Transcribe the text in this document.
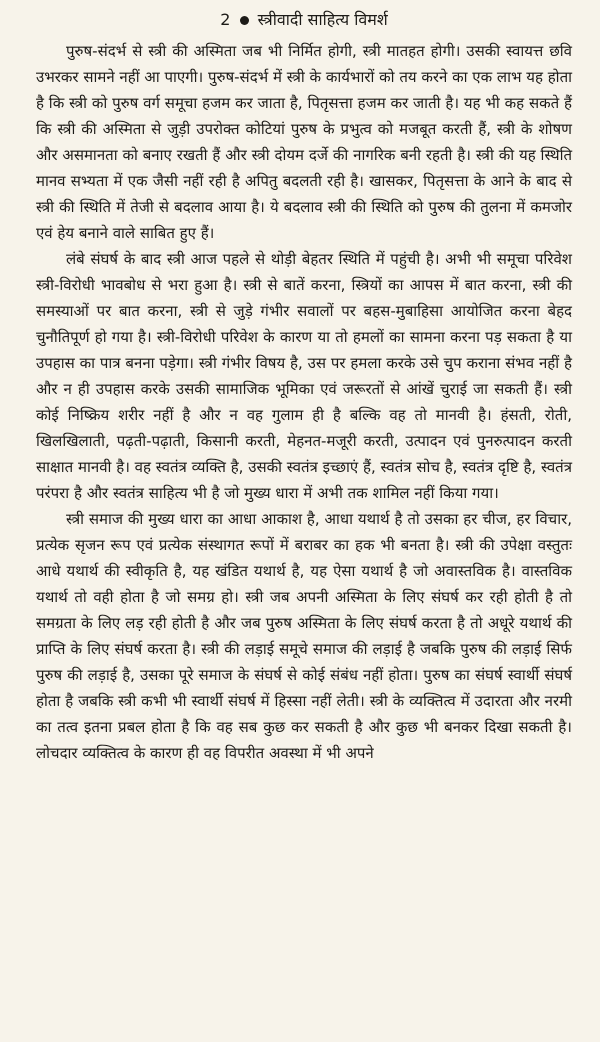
2 स्त्रीवादी साहित्य विमर्श

पुरुष-संदर्भ से स्त्री की अस्मिता जब भी निर्मित होगी, स्त्री मातहत होगी। उसकी स्वायत्त छवि उभरकर सामने नहीं आ पाएगी। पुरुष-संदर्भ में स्त्री के कार्यभारों को तय करने का एक लाभ यह होता है कि स्त्री को पुरुष वर्ग समूचा हजम कर जाता है, पितृसत्ता हजम कर जाती है। यह भी कह सकते हैं कि स्त्री की अस्मिता से जुड़ी उपरोक्त कोटियां पुरुष के प्रभुत्व को मजबूत करती हैं, स्त्री के शोषण और असमानता को बनाए रखती हैं और स्त्री दोयम दर्जे की नागरिक बनी रहती है। स्त्री की यह स्थिति मानव सभ्यता में एक जैसी नहीं रही है अपितु बदलती रही है। खासकर, पितृसत्ता के आने के बाद से स्त्री की स्थिति में तेजी से बदलाव आया है। ये बदलाव स्त्री की स्थिति को पुरुष की तुलना में कमजोर एवं हेय बनाने वाले साबित हुए हैं।

लंबे संघर्ष के बाद स्त्री आज पहले से थोड़ी बेहतर स्थिति में पहुंची है। अभी भी समूचा परिवेश स्त्री-विरोधी भावबोध से भरा हुआ है। स्त्री से बातें करना, स्त्रियों का आपस में बात करना, स्त्री की समस्याओं पर बात करना, स्त्री से जुड़े गंभीर सवालों पर बहस-मुबाहिसा आयोजित करना बेहद चुनौतिपूर्ण हो गया है। स्त्री-विरोधी परिवेश के कारण या तो हमलों का सामना करना पड़ सकता है या उपहास का पात्र बनना पड़ेगा। स्त्री गंभीर विषय है, उस पर हमला करके उसे चुप कराना संभव नहीं है और न ही उपहास करके उसकी सामाजिक भूमिका एवं जरूरतों से आंखें चुराई जा सकती हैं। स्त्री कोई निष्क्रिय शरीर नहीं है और न वह गुलाम ही है बल्कि वह तो मानवी है। हंसती, रोती, खिलखिलाती, पढ़ती-पढ़ाती, किसानी करती, मेहनत-मजूरी करती, उत्पादन एवं पुनरुत्पादन करती साक्षात मानवी है। वह स्वतंत्र व्यक्ति है, उसकी स्वतंत्र इच्छाएं हैं, स्वतंत्र सोच है, स्वतंत्र दृष्टि है, स्वतंत्र परंपरा है और स्वतंत्र साहित्य भी है जो मुख्य धारा में अभी तक शामिल नहीं किया गया।

स्त्री समाज की मुख्य धारा का आधा आकाश है, आधा यथार्थ है तो उसका हर चीज, हर विचार, प्रत्येक सृजन रूप एवं प्रत्येक संस्थागत रूपों में बराबर का हक भी बनता है। स्त्री की उपेक्षा वस्तुतः आधे यथार्थ की स्वीकृति है, यह खंडित यथार्थ है, यह ऐसा यथार्थ है जो अवास्तविक है। वास्तविक यथार्थ तो वही होता है जो समग्र हो। स्त्री जब अपनी अस्मिता के लिए संघर्ष कर रही होती है तो समग्रता के लिए लड़ रही होती है और जब पुरुष अस्मिता के लिए संघर्ष करता है तो अधूरे यथार्थ की प्राप्ति के लिए संघर्ष करता है। स्त्री की लड़ाई समूचे समाज की लड़ाई है जबकि पुरुष की लड़ाई सिर्फ पुरुष की लड़ाई है, उसका पूरे समाज के संघर्ष से कोई संबंध नहीं होता। पुरुष का संघर्ष स्वार्थी संघर्ष होता है जबकि स्त्री कभी भी स्वार्थी संघर्ष में हिस्सा नहीं लेती। स्त्री के व्यक्तित्व में उदारता और नरमी का तत्व इतना प्रबल होता है कि वह सब कुछ कर सकती है और कुछ भी बनकर दिखा सकती है। लोचदार व्यक्तित्व के कारण ही वह विपरीत अवस्था में भी अपने
